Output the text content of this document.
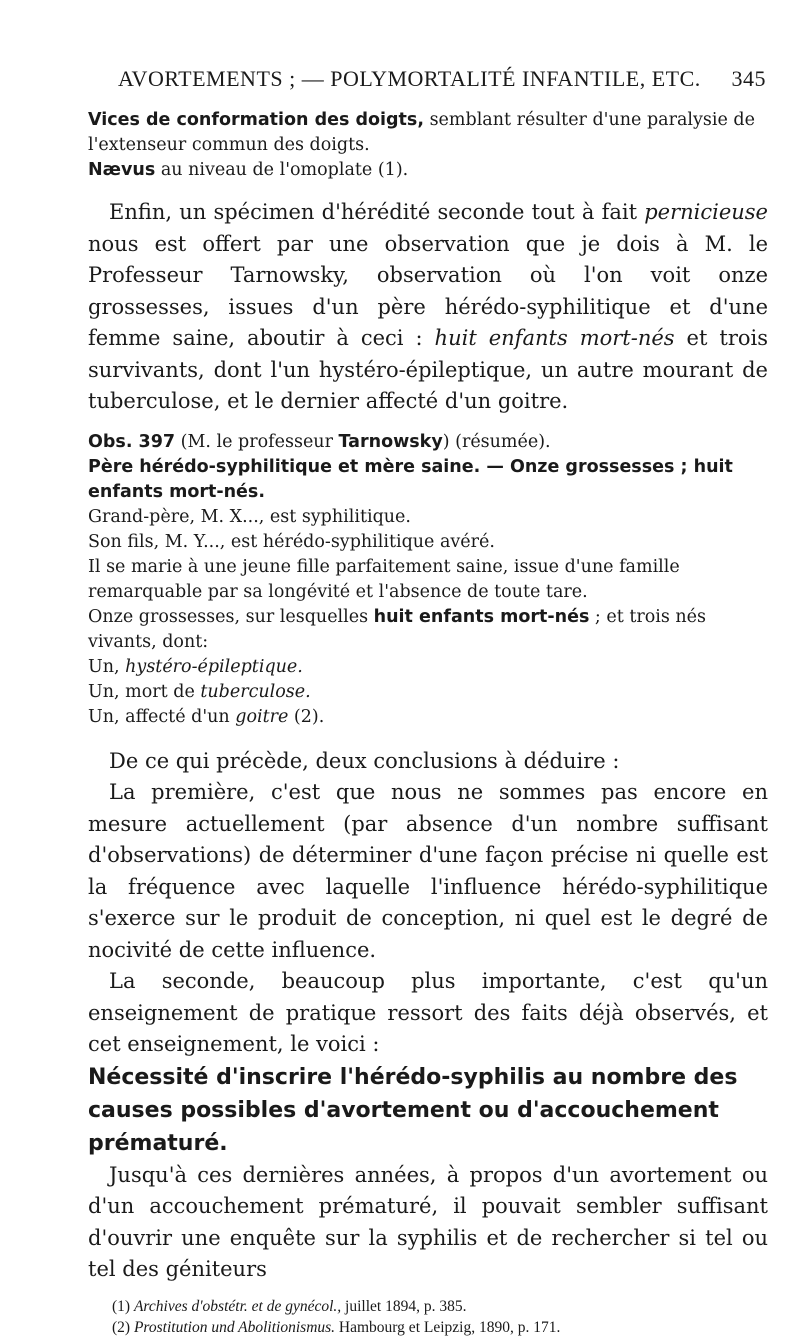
AVORTEMENTS ; — POLYMORTALITÉ INFANTILE, ETC. 345

Vices de conformation des doigts, semblant résulter d'une paralysie de l'extenseur commun des doigts.

Nævus au niveau de l'omoplate (1).

Enfin, un spécimen d'hérédité seconde tout à fait pernicieuse nous est offert par une observation que je dois à M. le Professeur Tarnowsky, observation où l'on voit onze grossesses, issues d'un père hérédo-syphilitique et d'une femme saine, aboutir à ceci : huit enfants mort-nés et trois survivants, dont l'un hystéro-épileptique, un autre mourant de tuberculose, et le dernier affecté d'un goitre.

Obs. 397 (M. le professeur Tarnowsky) (résumée).

Père hérédo-syphilitique et mère saine. — Onze grossesses ; huit enfants mort-nés.

Grand-père, M. X..., est syphilitique.

Son fils, M. Y..., est hérédo-syphilitique avéré.

Il se marie à une jeune fille parfaitement saine, issue d'une famille remarquable par sa longévité et l'absence de toute tare.

Onze grossesses, sur lesquelles huit enfants mort-nés ; et trois nés vivants, dont:

Un, hystéro-épileptique.

Un, mort de tuberculose.

Un, affecté d'un goitre (2).

De ce qui précède, deux conclusions à déduire :

La première, c'est que nous ne sommes pas encore en mesure actuellement (par absence d'un nombre suffisant d'observations) de déterminer d'une façon précise ni quelle est la fréquence avec laquelle l'influence hérédo-syphilitique s'exerce sur le produit de conception, ni quel est le degré de nocivité de cette influence.

La seconde, beaucoup plus importante, c'est qu'un enseignement de pratique ressort des faits déjà observés, et cet enseignement, le voici :

Nécessité d'inscrire l'hérédo-syphilis au nombre des causes possibles d'avortement ou d'accouchement prématuré.

Jusqu'à ces dernières années, à propos d'un avortement ou d'un accouchement prématuré, il pouvait sembler suffisant d'ouvrir une enquête sur la syphilis et de rechercher si tel ou tel des géniteurs

(1) Archives d'obstétr. et de gynécol., juillet 1894, p. 385.

(2) Prostitution und Abolitionismus. Hambourg et Leipzig, 1890, p. 171.
